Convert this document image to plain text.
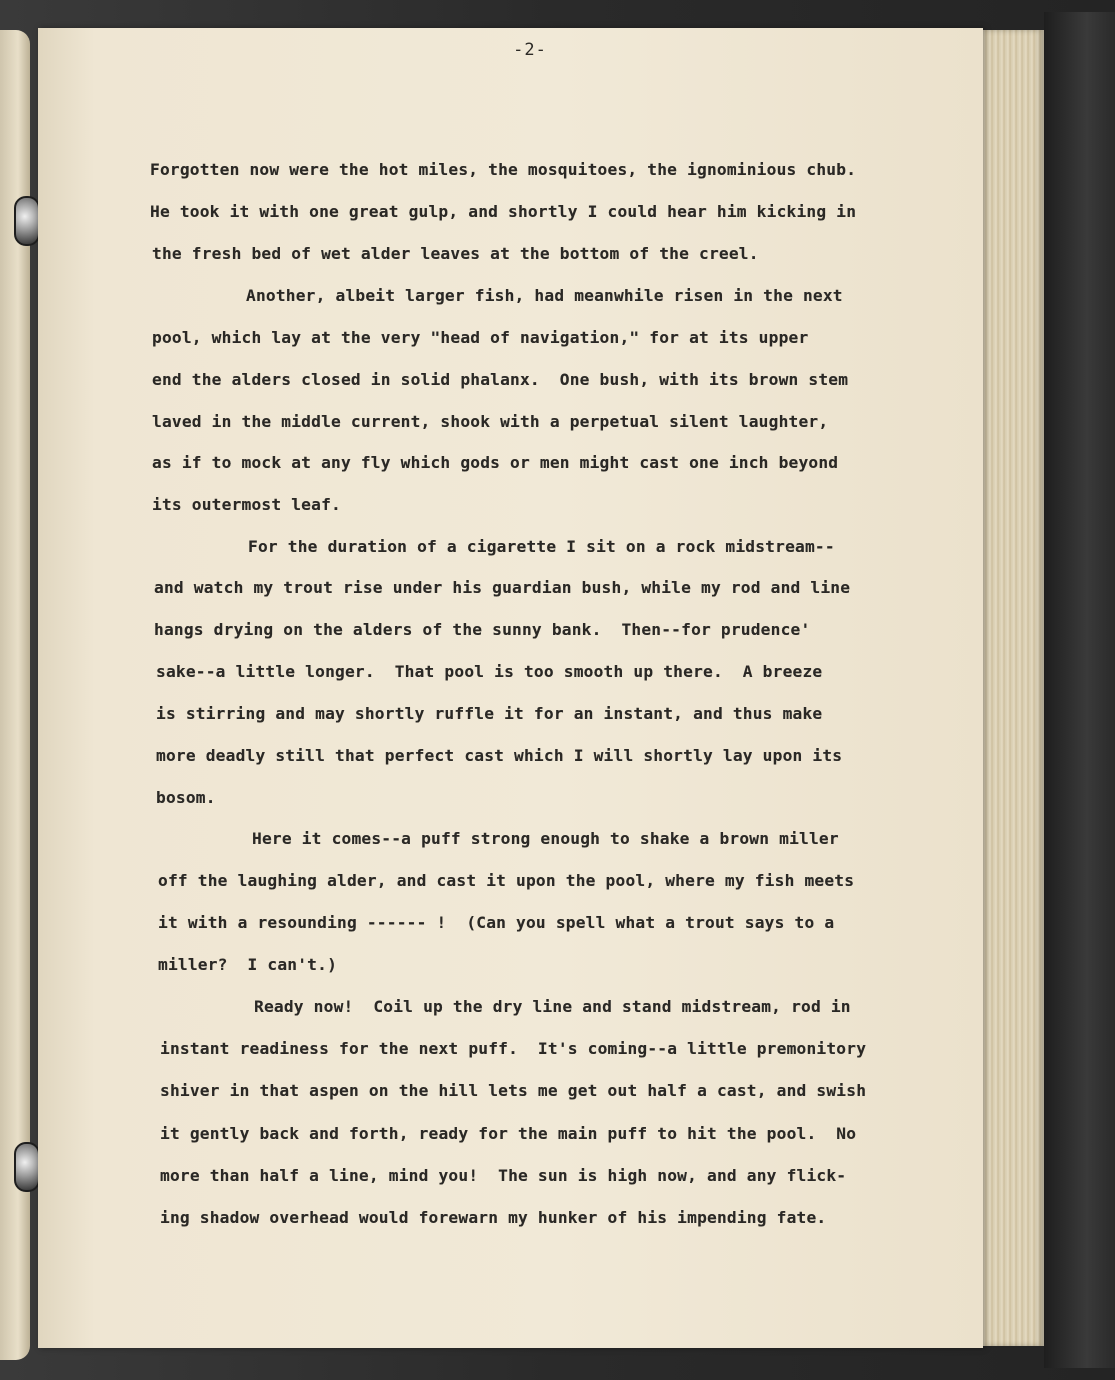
-2-
Forgotten now were the hot miles, the mosquitoes, the ignominious chub.
He took it with one great gulp, and shortly I could hear him kicking in
the fresh bed of wet alder leaves at the bottom of the creel.
Another, albeit larger fish, had meanwhile risen in the next
pool, which lay at the very "head of navigation," for at its upper
end the alders closed in solid phalanx.  One bush, with its brown stem
laved in the middle current, shook with a perpetual silent laughter,
as if to mock at any fly which gods or men might cast one inch beyond
its outermost leaf.
For the duration of a cigarette I sit on a rock midstream--
and watch my trout rise under his guardian bush, while my rod and line
hangs drying on the alders of the sunny bank.  Then--for prudence'
sake--a little longer.  That pool is too smooth up there.  A breeze
is stirring and may shortly ruffle it for an instant, and thus make
more deadly still that perfect cast which I will shortly lay upon its
bosom.
Here it comes--a puff strong enough to shake a brown miller
off the laughing alder, and cast it upon the pool, where my fish meets
it with a resounding ------ !  (Can you spell what a trout says to a
miller?  I can't.)
Ready now!  Coil up the dry line and stand midstream, rod in
instant readiness for the next puff.  It's coming--a little premonitory
shiver in that aspen on the hill lets me get out half a cast, and swish
it gently back and forth, ready for the main puff to hit the pool.  No
more than half a line, mind you!  The sun is high now, and any flick-
ing shadow overhead would forewarn my hunker of his impending fate.
